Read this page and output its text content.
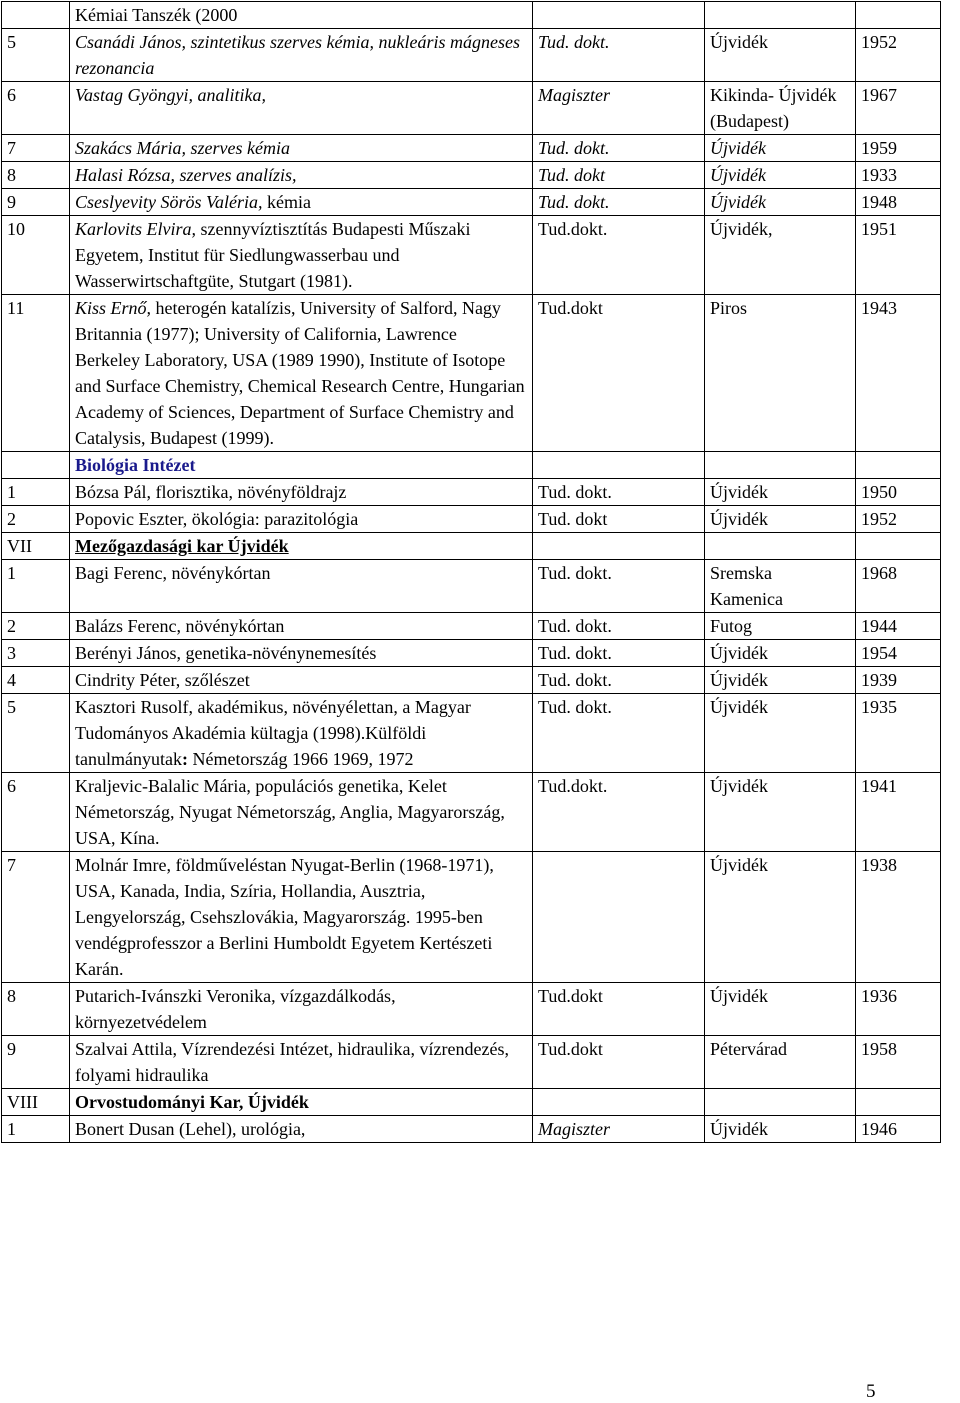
	Kémiai Tanszék (2000			
5	Csanádi János, szintetikus szerves kémia, nukleáris mágneses rezonancia	Tud. dokt.	Újvidék	1952
6	Vastag Gyöngyi, analitika,	Magiszter	Kikinda- Újvidék (Budapest)	1967
7	Szakács Mária, szerves kémia	Tud. dokt.	Újvidék	1959
8	Halasi Rózsa, szerves analízis,	Tud. dokt	Újvidék	1933
9	Cseslyevity Sörös Valéria, kémia	Tud. dokt.	Újvidék	1948
10	Karlovits Elvira, szennyvíztisztítás Budapesti Műszaki Egyetem, Institut für Siedlungwasserbau und Wasserwirtschaftgüte, Stutgart (1981).	Tud.dokt.	Újvidék,	1951
11	Kiss Ernő, heterogén katalízis, University of Salford, Nagy Britannia (1977); University of California, Lawrence Berkeley Laboratory, USA (1989 1990), Institute of Isotope and Surface Chemistry, Chemical Research Centre, Hungarian Academy of Sciences, Department of Surface Chemistry and Catalysis, Budapest (1999).	Tud.dokt	Piros	1943
	Biológia Intézet			
1	Bózsa Pál, florisztika, növényföldrajz	Tud. dokt.	Újvidék	1950
2	Popovic Eszter, ökológia: parazitológia	Tud. dokt	Újvidék	1952
VII	Mezőgazdasági kar Újvidék			
1	Bagi Ferenc, növénykórtan	Tud. dokt.	Sremska Kamenica	1968
2	Balázs Ferenc, növénykórtan	Tud. dokt.	Futog	1944
3	Berényi János, genetika-növénynemesítés	Tud. dokt.	Újvidék	1954
4	Cindrity Péter, szőlészet	Tud. dokt.	Újvidék	1939
5	Kasztori Rusolf, akadémikus, növényélettan, a Magyar Tudományos Akadémia kültagja (1998).Külföldi tanulmányutak: Németország 1966 1969, 1972	Tud. dokt.	Újvidék	1935
6	Kraljevic-Balalic Mária, populációs genetika, Kelet Németország, Nyugat Németország, Anglia, Magyarország, USA, Kína.	Tud.dokt.	Újvidék	1941
7	Molnár Imre, földműveléstan Nyugat-Berlin (1968-1971), USA, Kanada, India, Szíria, Hollandia, Ausztria, Lengyelország, Csehszlovákia, Magyarország. 1995-ben vendégprofesszor a Berlini Humboldt Egyetem Kertészeti Karán.		Újvidék	1938
8	Putarich-Ivánszki Veronika, vízgazdálkodás, környezetvédelem	Tud.dokt	Újvidék	1936
9	Szalvai Attila, Vízrendezési Intézet, hidraulika, vízrendezés, folyami hidraulika	Tud.dokt	Pétervárad	1958
VIII	Orvostudományi Kar, Újvidék			
1	Bonert Dusan (Lehel), urológia,	Magiszter	Újvidék	1946
5
